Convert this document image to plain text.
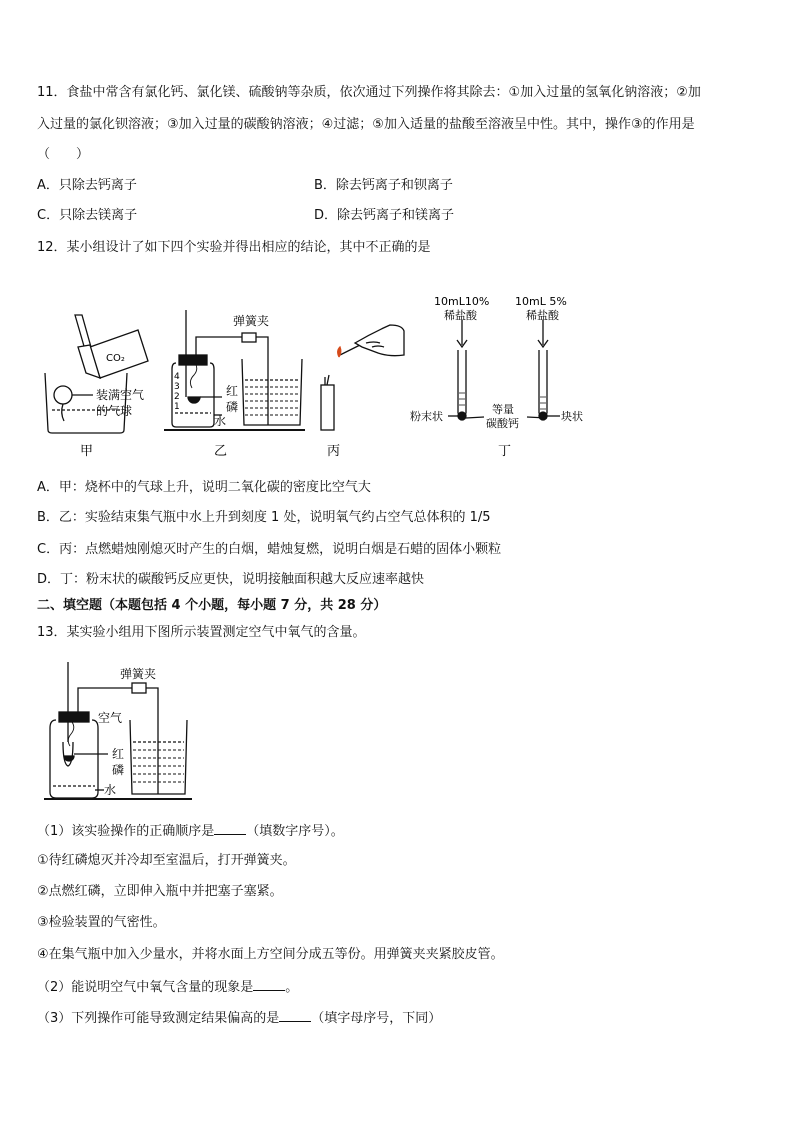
11．食盐中常含有氯化钙、氯化镁、硫酸钠等杂质，依次通过下列操作将其除去：①加入过量的氢氧化钠溶液；②加
入过量的氯化钡溶液；③加入过量的碳酸钠溶液；④过滤；⑤加入适量的盐酸至溶液呈中性。其中，操作③的作用是
（　　）
A．只除去钙离子	B．除去钙离子和钡离子
C．只除去镁离子	D．除去钙离子和镁离子
12．某小组设计了如下四个实验并得出相应的结论，其中不正确的是
CO₂
装满空气
的气球
甲
弹簧夹
4
3
2
1
红
磷
水
乙	丙
10mL10%
稀盐酸
10mL 5%
稀盐酸
粉末状
等量
碳酸钙
块状
丁
A．甲：烧杯中的气球上升，说明二氧化碳的密度比空气大
B．乙：实验结束集气瓶中水上升到刻度 1 处，说明氧气约占空气总体积的 1/5
C．丙：点燃蜡烛刚熄灭时产生的白烟，蜡烛复燃，说明白烟是石蜡的固体小颗粒
D．丁：粉末状的碳酸钙反应更快，说明接触面积越大反应速率越快
二、填空题（本题包括 4 个小题，每小题 7 分，共 28 分）
13．某实验小组用下图所示装置测定空气中氧气的含量。
弹簧夹
空气
红
磷
水
（1）该实验操作的正确顺序是 （填数字序号）。
①待红磷熄灭并冷却至室温后，打开弹簧夹。
②点燃红磷，立即伸入瓶中并把塞子塞紧。
③检验装置的气密性。
④在集气瓶中加入少量水，并将水面上方空间分成五等份。用弹簧夹夹紧胶皮管。
（2）能说明空气中氧气含量的现象是 。
（3）下列操作可能导致测定结果偏高的是 （填字母序号，下同）
